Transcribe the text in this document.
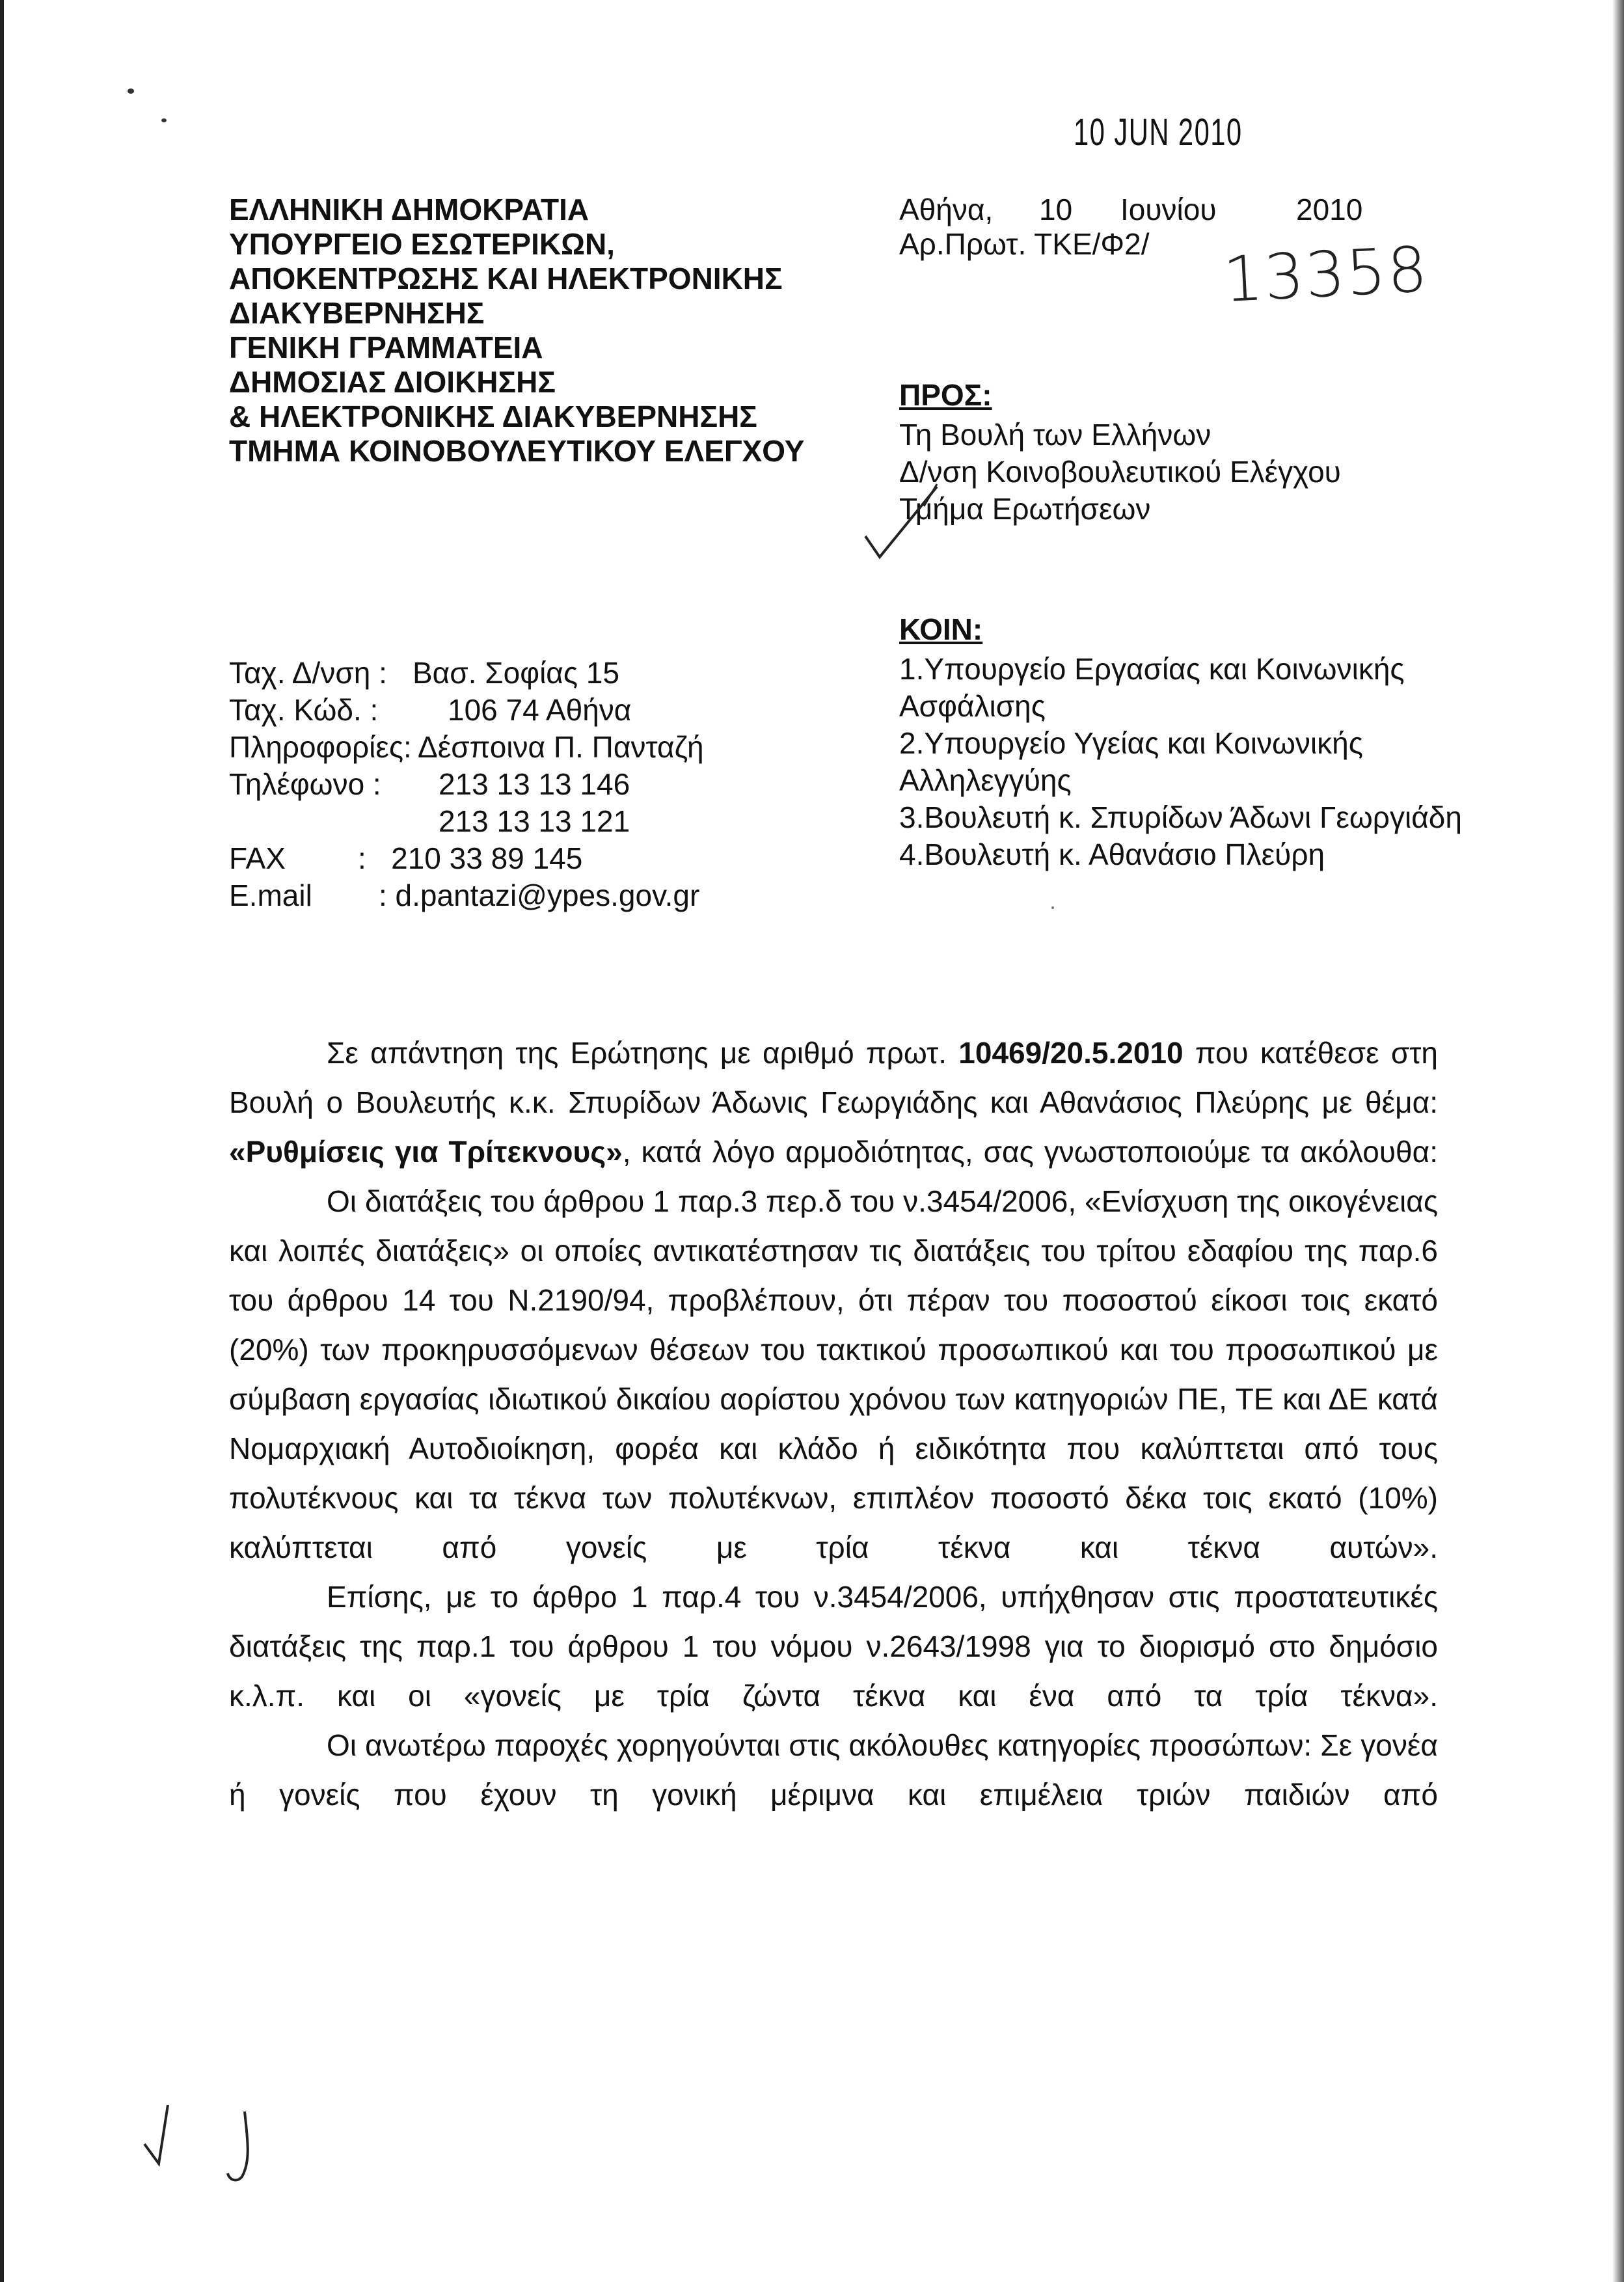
10 JUN 2010
ΕΛΛΗΝΙΚΗ ΔΗΜΟΚΡΑΤΙΑ
ΥΠΟΥΡΓΕΙΟ ΕΣΩΤΕΡΙΚΩΝ,
ΑΠΟΚΕΝΤΡΩΣΗΣ ΚΑΙ ΗΛΕΚΤΡΟΝΙΚΗΣ
ΔΙΑΚΥΒΕΡΝΗΣΗΣ
ΓΕΝΙΚΗ ΓΡΑΜΜΑΤΕΙΑ
ΔΗΜΟΣΙΑΣ ΔΙΟΙΚΗΣΗΣ
& ΗΛΕΚΤΡΟΝΙΚΗΣ ΔΙΑΚΥΒΕΡΝΗΣΗΣ
ΤΜΗΜΑ ΚΟΙΝΟΒΟΥΛΕΥΤΙΚΟΥ ΕΛΕΓΧΟΥ
Αθήνα, 10 Ιουνίου	2010
Αρ.Πρωτ. ΤΚΕ/Φ2/	13358
ΠΡΟΣ:
Τη Βουλή των Ελλήνων
Δ/νση Κοινοβουλευτικού Ελέγχου
Τμήμα Ερωτήσεων
ΚΟΙΝ:
1.Υπουργείο Εργασίας και Κοινωνικής
Ασφάλισης
2.Υπουργείο Υγείας και Κοινωνικής
Αλληλεγγύης
3.Βουλευτή κ. Σπυρίδων Άδωνι Γεωργιάδη
4.Βουλευτή κ. Αθανάσιο Πλεύρη
Ταχ. Δ/νση : Βασ. Σοφίας 15
Ταχ. Κώδ. : 106 74 Αθήνα
Πληροφορίες: Δέσποινα Π. Πανταζή
Τηλέφωνο : 213 13 13 146
213 13 13 121
FAX :   210 33 89 145
E.mail : d.pantazi@ypes.gov.gr

Σε απάντηση της Ερώτησης με αριθμό πρωτ. 10469/20.5.2010 που κατέθεσε στη Βουλή ο Βουλευτής κ.κ. Σπυρίδων Άδωνις Γεωργιάδης και Αθανάσιος Πλεύρης με θέμα: «Ρυθμίσεις για Τρίτεκνους», κατά λόγο αρμοδιότητας, σας γνωστοποιούμε τα ακόλουθα:

Οι διατάξεις του άρθρου 1 παρ.3 περ.δ του ν.3454/2006, «Ενίσχυση της οικογένειας και λοιπές διατάξεις» οι οποίες αντικατέστησαν τις διατάξεις του τρίτου εδαφίου της παρ.6 του άρθρου 14 του Ν.2190/94, προβλέπουν, ότι πέραν του ποσοστού είκοσι τοις εκατό (20%) των προκηρυσσόμενων θέσεων του τακτικού προσωπικού και του προσωπικού με σύμβαση εργασίας ιδιωτικού δικαίου αορίστου χρόνου των κατηγοριών ΠΕ, ΤΕ και ΔΕ κατά Νομαρχιακή Αυτοδιοίκηση, φορέα και κλάδο ή ειδικότητα που καλύπτεται από τους πολυτέκνους και τα τέκνα των πολυτέκνων, επιπλέον ποσοστό δέκα τοις εκατό (10%) καλύπτεται από γονείς με τρία τέκνα και τέκνα αυτών».

Επίσης, με το άρθρο 1 παρ.4 του ν.3454/2006, υπήχθησαν στις προστατευτικές διατάξεις της παρ.1 του άρθρου 1 του νόμου ν.2643/1998 για το διορισμό στο δημόσιο κ.λ.π. και οι «γονείς με τρία ζώντα τέκνα και ένα από τα τρία τέκνα».

Οι ανωτέρω παροχές χορηγούνται στις ακόλουθες κατηγορίες προσώπων: Σε γονέα ή γονείς που έχουν τη γονική μέριμνα και επιμέλεια τριών παιδιών από
